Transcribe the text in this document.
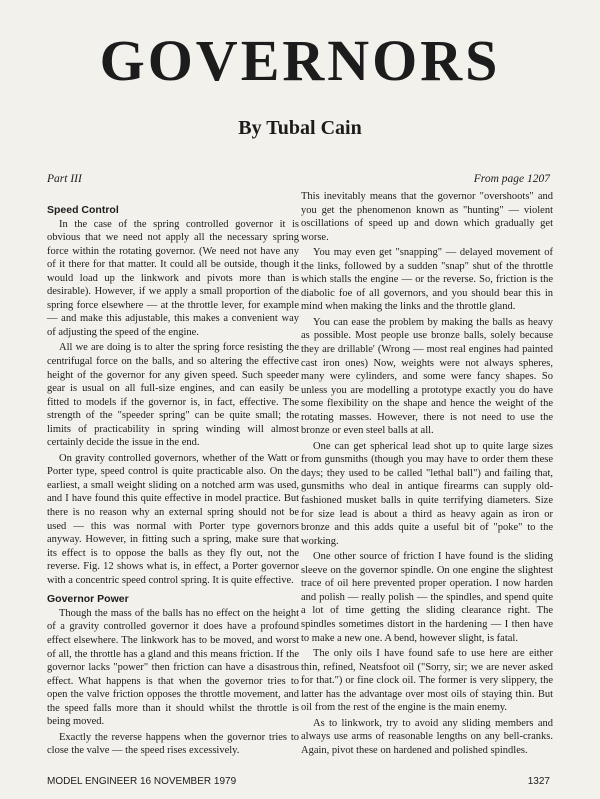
GOVERNORS
By Tubal Cain
Part III	From page 1207
Speed Control

In the case of the spring controlled governor it is obvious that we need not apply all the necessary spring force within the rotating governor. (We need not have any of it there for that matter. It could all be outside, though it would load up the linkwork and pivots more than is desirable). However, if we apply a small proportion of the spring force elsewhere — at the throttle lever, for example — and make this adjustable, this makes a convenient way of adjusting the speed of the engine.

All we are doing is to alter the spring force resisting the centrifugal force on the balls, and so altering the effective height of the governor for any given speed. Such speeder gear is usual on all full-size engines, and can easily be fitted to models if the governor is, in fact, effective. The strength of the "speeder spring" can be quite small; the limits of practicability in spring winding will almost certainly decide the issue in the end.

On gravity controlled governors, whether of the Watt or Porter type, speed control is quite practicable also. On the earliest, a small weight sliding on a notched arm was used, and I have found this quite effective in model practice. But there is no reason why an external spring should not be used — this was normal with Porter type governors anyway. However, in fitting such a spring, make sure that its effect is to oppose the balls as they fly out, not the reverse. Fig. 12 shows what is, in effect, a Porter governor with a concentric speed control spring. It is quite effective.

Governor Power

Though the mass of the balls has no effect on the height of a gravity controlled governor it does have a profound effect elsewhere. The linkwork has to be moved, and worst of all, the throttle has a gland and this means friction. If the governor lacks "power" then friction can have a disastrous effect. What happens is that when the governor tries to open the valve friction opposes the throttle movement, and the speed falls more than it should whilst the throttle is being moved.

Exactly the reverse happens when the governor tries to close the valve — the speed rises excessively.

This inevitably means that the governor "overshoots" and you get the phenomenon known as "hunting" — violent oscillations of speed up and down which gradually get worse.

You may even get "snapping" — delayed movement of the links, followed by a sudden "snap" shut of the throttle which stalls the engine — or the reverse. So, friction is the diabolic foe of all governors, and you should bear this in mind when making the links and the throttle gland.

You can ease the problem by making the balls as heavy as possible. Most people use bronze balls, solely because they are drillable' (Wrong — most real engines had painted cast iron ones) Now, weights were not always spheres, many were cylinders, and some were fancy shapes. So unless you are modelling a prototype exactly you do have some flexibility on the shape and hence the weight of the rotating masses. However, there is not need to use the bronze or even steel balls at all.

One can get spherical lead shot up to quite large sizes from gunsmiths (though you may have to order them these days; they used to be called "lethal ball") and failing that, gunsmiths who deal in antique firearms can supply old-fashioned musket balls in quite terrifying diameters. Size for size lead is about a third as heavy again as iron or bronze and this adds quite a useful bit of "poke" to the working.

One other source of friction I have found is the sliding sleeve on the governor spindle. On one engine the slightest trace of oil here prevented proper operation. I now harden and polish — really polish — the spindles, and spend quite a lot of time getting the sliding clearance right. The spindles sometimes distort in the hardening — I then have to make a new one. A bend, however slight, is fatal.

The only oils I have found safe to use here are either thin, refined, Neatsfoot oil ("Sorry, sir; we are never asked for that.") or fine clock oil. The former is very slippery, the latter has the advantage over most oils of staying thin. But oil from the rest of the engine is the main enemy.

As to linkwork, try to avoid any sliding members and always use arms of reasonable lengths on any bell-cranks. Again, pivot these on hardened and polished spindles.

MODEL ENGINEER 16 NOVEMBER 1979	1327
